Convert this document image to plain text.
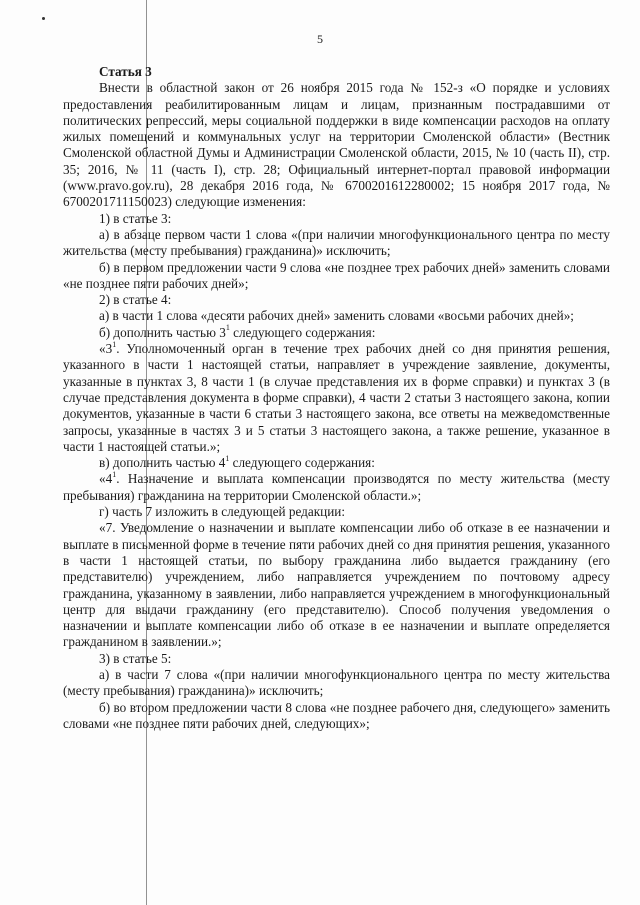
5

Статья 3

Внести в областной закон от 26 ноября 2015 года № 152-з «О порядке и условиях предоставления реабилитированным лицам и лицам, признанным пострадавшими от политических репрессий, меры социальной поддержки в виде компенсации расходов на оплату жилых помещений и коммунальных услуг на территории Смоленской области» (Вестник Смоленской областной Думы и Администрации Смоленской области, 2015, № 10 (часть II), стр. 35; 2016, № 11 (часть I), стр. 28; Официальный интернет-портал правовой информации (www.pravo.gov.ru), 28 декабря 2016 года, № 6700201612280002; 15 ноября 2017 года, № 6700201711150023) следующие изменения:

1) в статье 3:

а) в абзаце первом части 1 слова «(при наличии многофункционального центра по месту жительства (месту пребывания) гражданина)» исключить;

б) в первом предложении части 9 слова «не позднее трех рабочих дней» заменить словами «не позднее пяти рабочих дней»;

2) в статье 4:

а) в части 1 слова «десяти рабочих дней» заменить словами «восьми рабочих дней»;

б) дополнить частью $3^1$ следующего содержания:

«$3^1$. Уполномоченный орган в течение трех рабочих дней со дня принятия решения, указанного в части 1 настоящей статьи, направляет в учреждение заявление, документы, указанные в пунктах 3, 8 части 1 (в случае представления их в форме справки) и пунктах 3 (в случае представления документа в форме справки), 4 части 2 статьи 3 настоящего закона, копии документов, указанные в части 6 статьи 3 настоящего закона, все ответы на межведомственные запросы, указанные в частях 3 и 5 статьи 3 настоящего закона, а также решение, указанное в части 1 настоящей статьи.»;

в) дополнить частью $4^1$ следующего содержания:

«$4^1$. Назначение и выплата компенсации производятся по месту жительства (месту пребывания) гражданина на территории Смоленской области.»;

г) часть 7 изложить в следующей редакции:

«7. Уведомление о назначении и выплате компенсации либо об отказе в ее назначении и выплате в письменной форме в течение пяти рабочих дней со дня принятия решения, указанного в части 1 настоящей статьи, по выбору гражданина либо выдается гражданину (его представителю) учреждением, либо направляется учреждением по почтовому адресу гражданина, указанному в заявлении, либо направляется учреждением в многофункциональный центр для выдачи гражданину (его представителю). Способ получения уведомления о назначении и выплате компенсации либо об отказе в ее назначении и выплате определяется гражданином в заявлении.»;

3) в статье 5:

а) в части 7 слова «(при наличии многофункционального центра по месту жительства (месту пребывания) гражданина)» исключить;

б) во втором предложении части 8 слова «не позднее рабочего дня, следующего» заменить словами «не позднее пяти рабочих дней, следующих»;
